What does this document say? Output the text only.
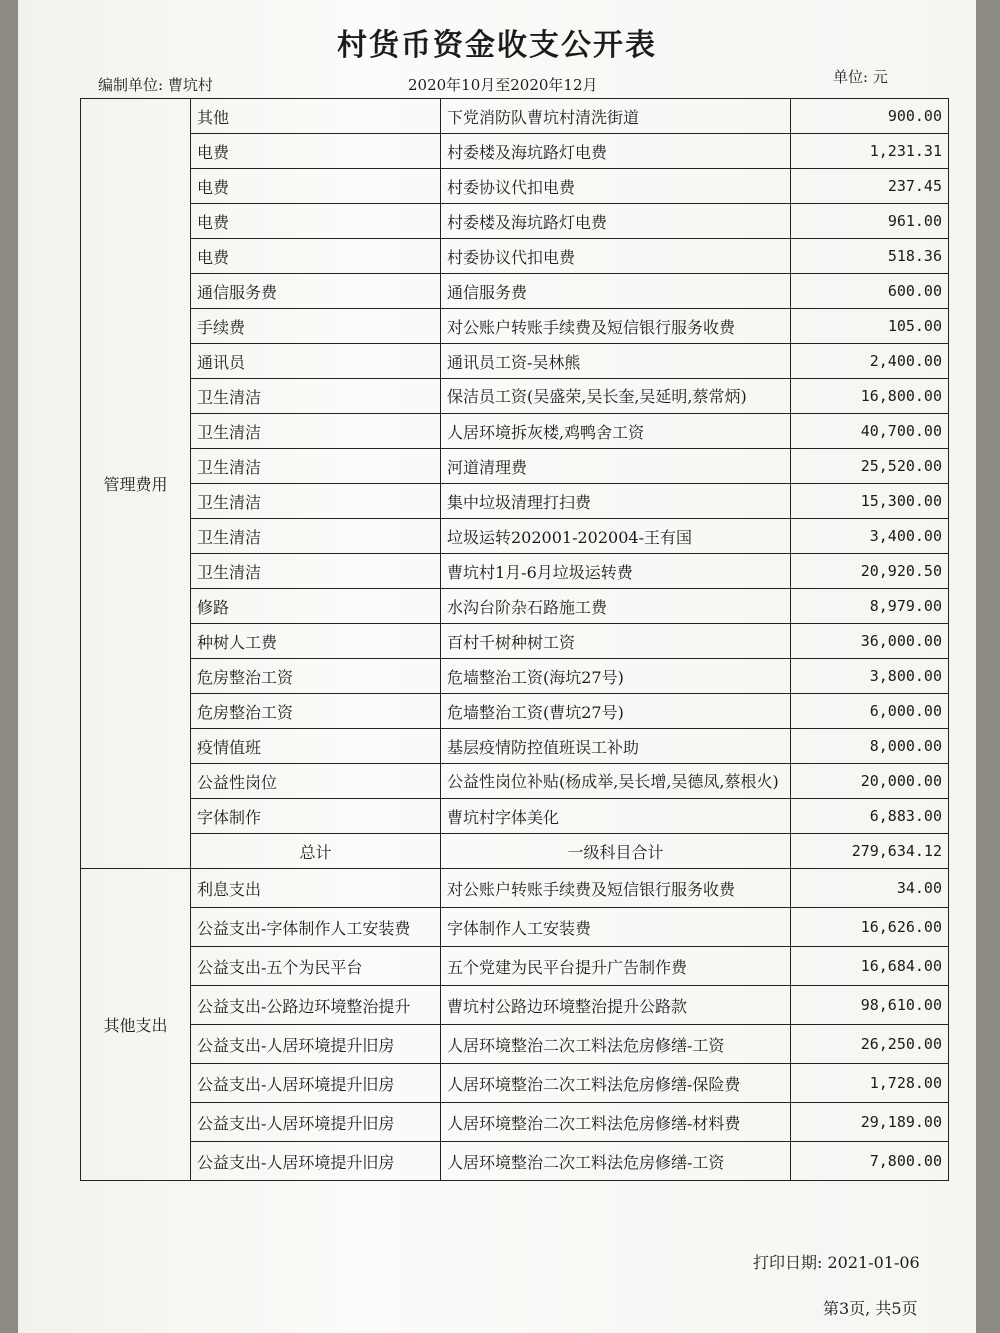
村货币资金收支公开表
编制单位: 曹坑村	2020年10月至2020年12月	单位: 元
管理费用	其他	下党消防队曹坑村清洗街道	900.00
	电费	村委楼及海坑路灯电费	1,231.31
	电费	村委协议代扣电费	237.45
	电费	村委楼及海坑路灯电费	961.00
	电费	村委协议代扣电费	518.36
	通信服务费	通信服务费	600.00
	手续费	对公账户转账手续费及短信银行服务收费	105.00
	通讯员	通讯员工资-吴林熊	2,400.00
	卫生清洁	保洁员工资(吴盛荣,吴长奎,吴延明,蔡常炳)	16,800.00
	卫生清洁	人居环境拆灰楼,鸡鸭舍工资	40,700.00
	卫生清洁	河道清理费	25,520.00
	卫生清洁	集中垃圾清理打扫费	15,300.00
	卫生清洁	垃圾运转202001-202004-王有国	3,400.00
	卫生清洁	曹坑村1月-6月垃圾运转费	20,920.50
	修路	水沟台阶杂石路施工费	8,979.00
	种树人工费	百村千树种树工资	36,000.00
	危房整治工资	危墙整治工资(海坑27号)	3,800.00
	危房整治工资	危墙整治工资(曹坑27号)	6,000.00
	疫情值班	基层疫情防控值班误工补助	8,000.00
	公益性岗位	公益性岗位补贴(杨成举,吴长增,吴德凤,蔡根火)	20,000.00
	字体制作	曹坑村字体美化	6,883.00
	总计	一级科目合计	279,634.12
其他支出	利息支出	对公账户转账手续费及短信银行服务收费	34.00
	公益支出-字体制作人工安装费	字体制作人工安装费	16,626.00
	公益支出-五个为民平台	五个党建为民平台提升广告制作费	16,684.00
	公益支出-公路边环境整治提升	曹坑村公路边环境整治提升公路款	98,610.00
	公益支出-人居环境提升旧房	人居环境整治二次工料法危房修缮-工资	26,250.00
	公益支出-人居环境提升旧房	人居环境整治二次工料法危房修缮-保险费	1,728.00
	公益支出-人居环境提升旧房	人居环境整治二次工料法危房修缮-材料费	29,189.00
	公益支出-人居环境提升旧房	人居环境整治二次工料法危房修缮-工资	7,800.00
打印日期: 2021-01-06
第3页, 共5页
